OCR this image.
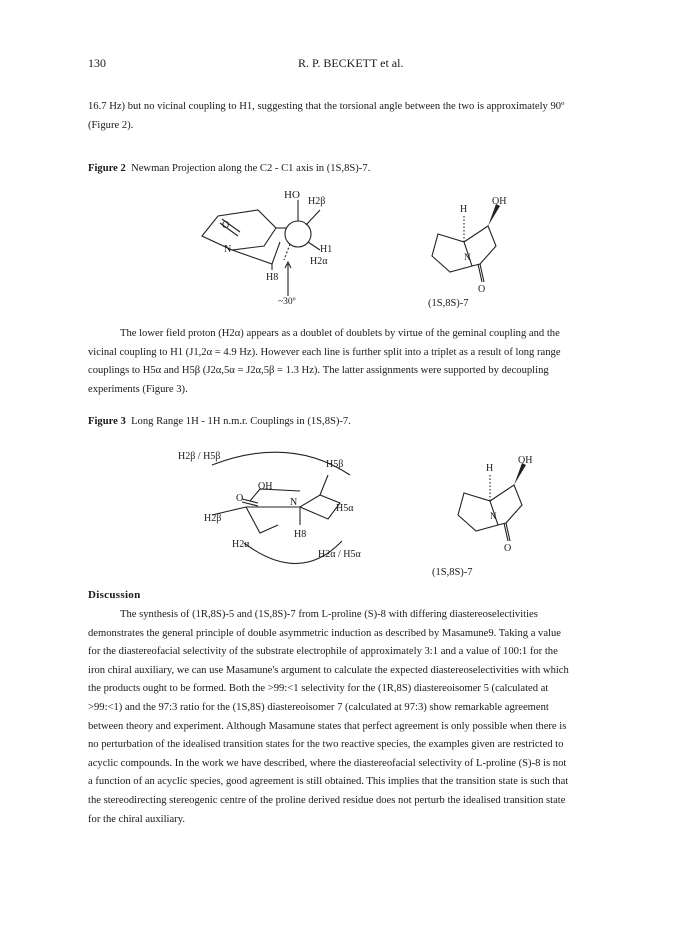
130	R. P. BECKETT et al.
16.7 Hz) but no vicinal coupling to H1, suggesting that the torsional angle between the two is approximately 90º
(Figure 2).
Figure 2 Newman Projection along the C2 - C1 axis in (1S,8S)-7.
HO
H2β
O
N	H1
H2α
H8
~30º
H
OH
N
O
(1S,8S)-7
The lower field proton (H2α) appears as a doublet of doublets by virtue of the geminal coupling and the
vicinal coupling to H1 (J1,2α = 4.9 Hz). However each line is further split into a triplet as a result of long range
couplings to H5α and H5β (J2α,5α = J2α,5β = 1.3 Hz). The latter assignments were supported by decoupling
experiments (Figure 3).
Figure 3 Long Range 1H - 1H n.m.r. Couplings in (1S,8S)-7.
H2β / H5β
H5β
OH
O	N
H5α
H2β
H8
H2α
H2α / H5α
H
OH
N
O
(1S,8S)-7
Discussion
The synthesis of (1R,8S)-5 and (1S,8S)-7 from L-proline (S)-8 with differing diastereoselectivities
demonstrates the general principle of double asymmetric induction as described by Masamune9. Taking a value
for the diastereofacial selectivity of the substrate electrophile of approximately 3:1 and a value of 100:1 for the
iron chiral auxiliary, we can use Masamune's argument to calculate the expected diastereoselectivities with which
the products ought to be formed. Both the >99:<1 selectivity for the (1R,8S) diastereoisomer 5 (calculated at
>99:<1) and the 97:3 ratio for the (1S,8S) diastereoisomer 7 (calculated at 97:3) show remarkable agreement
between theory and experiment. Although Masamune states that perfect agreement is only possible when there is
no perturbation of the idealised transition states for the two reactive species, the examples given are restricted to
acyclic compounds. In the work we have described, where the diastereofacial selectivity of L-proline (S)-8 is not
a function of an acyclic species, good agreement is still obtained. This implies that the transition state is such that
the stereodirecting stereogenic centre of the proline derived residue does not perturb the idealised transition state
for the chiral auxiliary.
